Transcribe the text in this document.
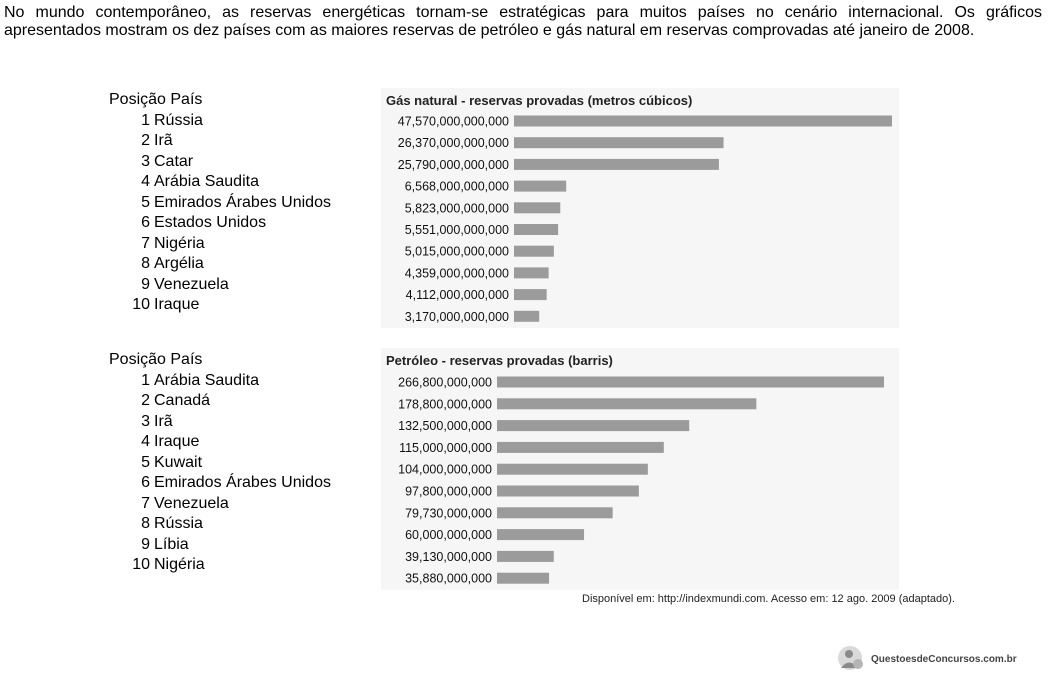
No mundo contemporâneo, as reservas energéticas tornam-se estratégicas para muitos países no cenário internacional. Os gráficos apresentados mostram os dez países com as maiores reservas de petróleo e gás natural em reservas comprovadas até janeiro de 2008.
Posição País
1 Rússia
2 Irã
3 Catar
4 Arábia Saudita
5 Emirados Árabes Unidos
6 Estados Unidos
7 Nigéria
8 Argélia
9 Venezuela
10 Iraque
Posição País
1 Arábia Saudita
2 Canadá
3 Irã
4 Iraque
5 Kuwait
6 Emirados Árabes Unidos
7 Venezuela
8 Rússia
9 Líbia
10 Nigéria
Gás natural - reservas provadas (metros cúbicos)
47,570,000,000,000
26,370,000,000,000
25,790,000,000,000
6,568,000,000,000
5,823,000,000,000
5,551,000,000,000
5,015,000,000,000
4,359,000,000,000
4,112,000,000,000
3,170,000,000,000
Petróleo - reservas provadas (barris)
266,800,000,000
178,800,000,000
132,500,000,000
115,000,000,000
104,000,000,000
97,800,000,000
79,730,000,000
60,000,000,000
39,130,000,000
35,880,000,000
Disponível em: http://indexmundi.com. Acesso em: 12 ago. 2009 (adaptado).
QuestoesdeConcursos.com.br
